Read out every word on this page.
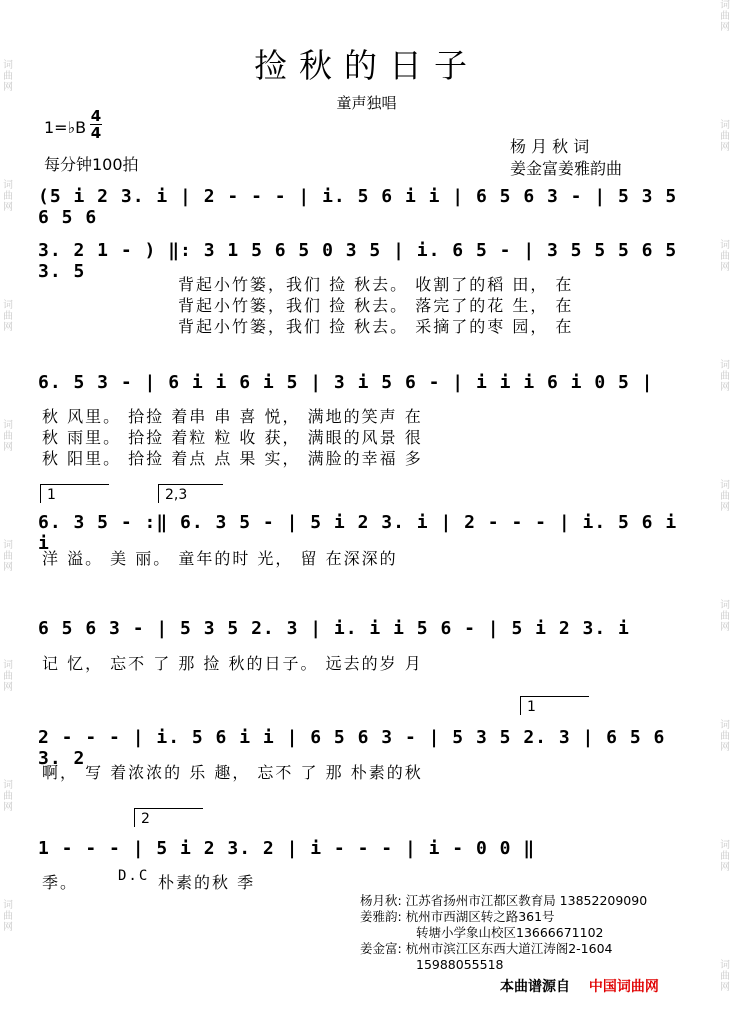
词曲网
词曲网
词曲网
词曲网
词曲网
词曲网
词曲网
词曲网
词曲网
词曲网
词曲网
词曲网
词曲网
词曲网
词曲网
词曲网
词曲网
捡秋的日子
童声独唱
1=♭B
4
4
每分钟100拍
杨 月 秋 词
姜金富姜雅韵曲
(5 i 2 3. i | 2 - - - | i. 5 6 i i | 6 5 6 3 - | 5 3 5 6 5 6
3. 2 1 - ) ‖: 3 1 5 6 5 0 3 5 | i. 6 5 - | 3 5 5 5 6 5 3. 5
背起小竹篓，我们 捡 秋去。 收割了的稻 田， 在
背起小竹篓，我们 捡 秋去。 落完了的花 生， 在
背起小竹篓，我们 捡 秋去。 采摘了的枣 园， 在
6. 5 3 - | 6 i i 6 i 5 | 3 i 5 6 - | i i i 6 i 0 5 |
秋 风里。 拾捡 着串 串 喜 悦， 满地的笑声 在
秋 雨里。 拾捡 着粒 粒 收 获， 满眼的风景 很
秋 阳里。 拾捡 着点 点 果 实， 满脸的幸福 多
1	2,3
6. 3 5 - :‖ 6. 3 5 - | 5 i 2 3. i | 2 - - - | i. 5 6 i i
洋 溢。 美 丽。 童年的时 光， 留 在深深的
6 5 6 3 - | 5 3 5 2. 3 | i. i i 5 6 - | 5 i 2 3. i
记 忆， 忘不 了 那 捡 秋的日子。 远去的岁 月
1
2 - - - | i. 5 6 i i | 6 5 6 3 - | 5 3 5 2. 3 | 6 5 6 3. 2
啊， 写 着浓浓的 乐 趣， 忘不 了 那 朴素的秋
2
1 - - - | 5 i 2 3. 2 | i - - - | i - 0 0 ‖
季。	D.C 朴素的秋 季
杨月秋: 江苏省扬州市江都区教育局 13852209090
姜雅韵: 杭州市西湖区转之路361号
转塘小学象山校区13666671102
姜金富: 杭州市滨江区东西大道江涛阁2-1604
15988055518
本曲谱源自 中国词曲网
